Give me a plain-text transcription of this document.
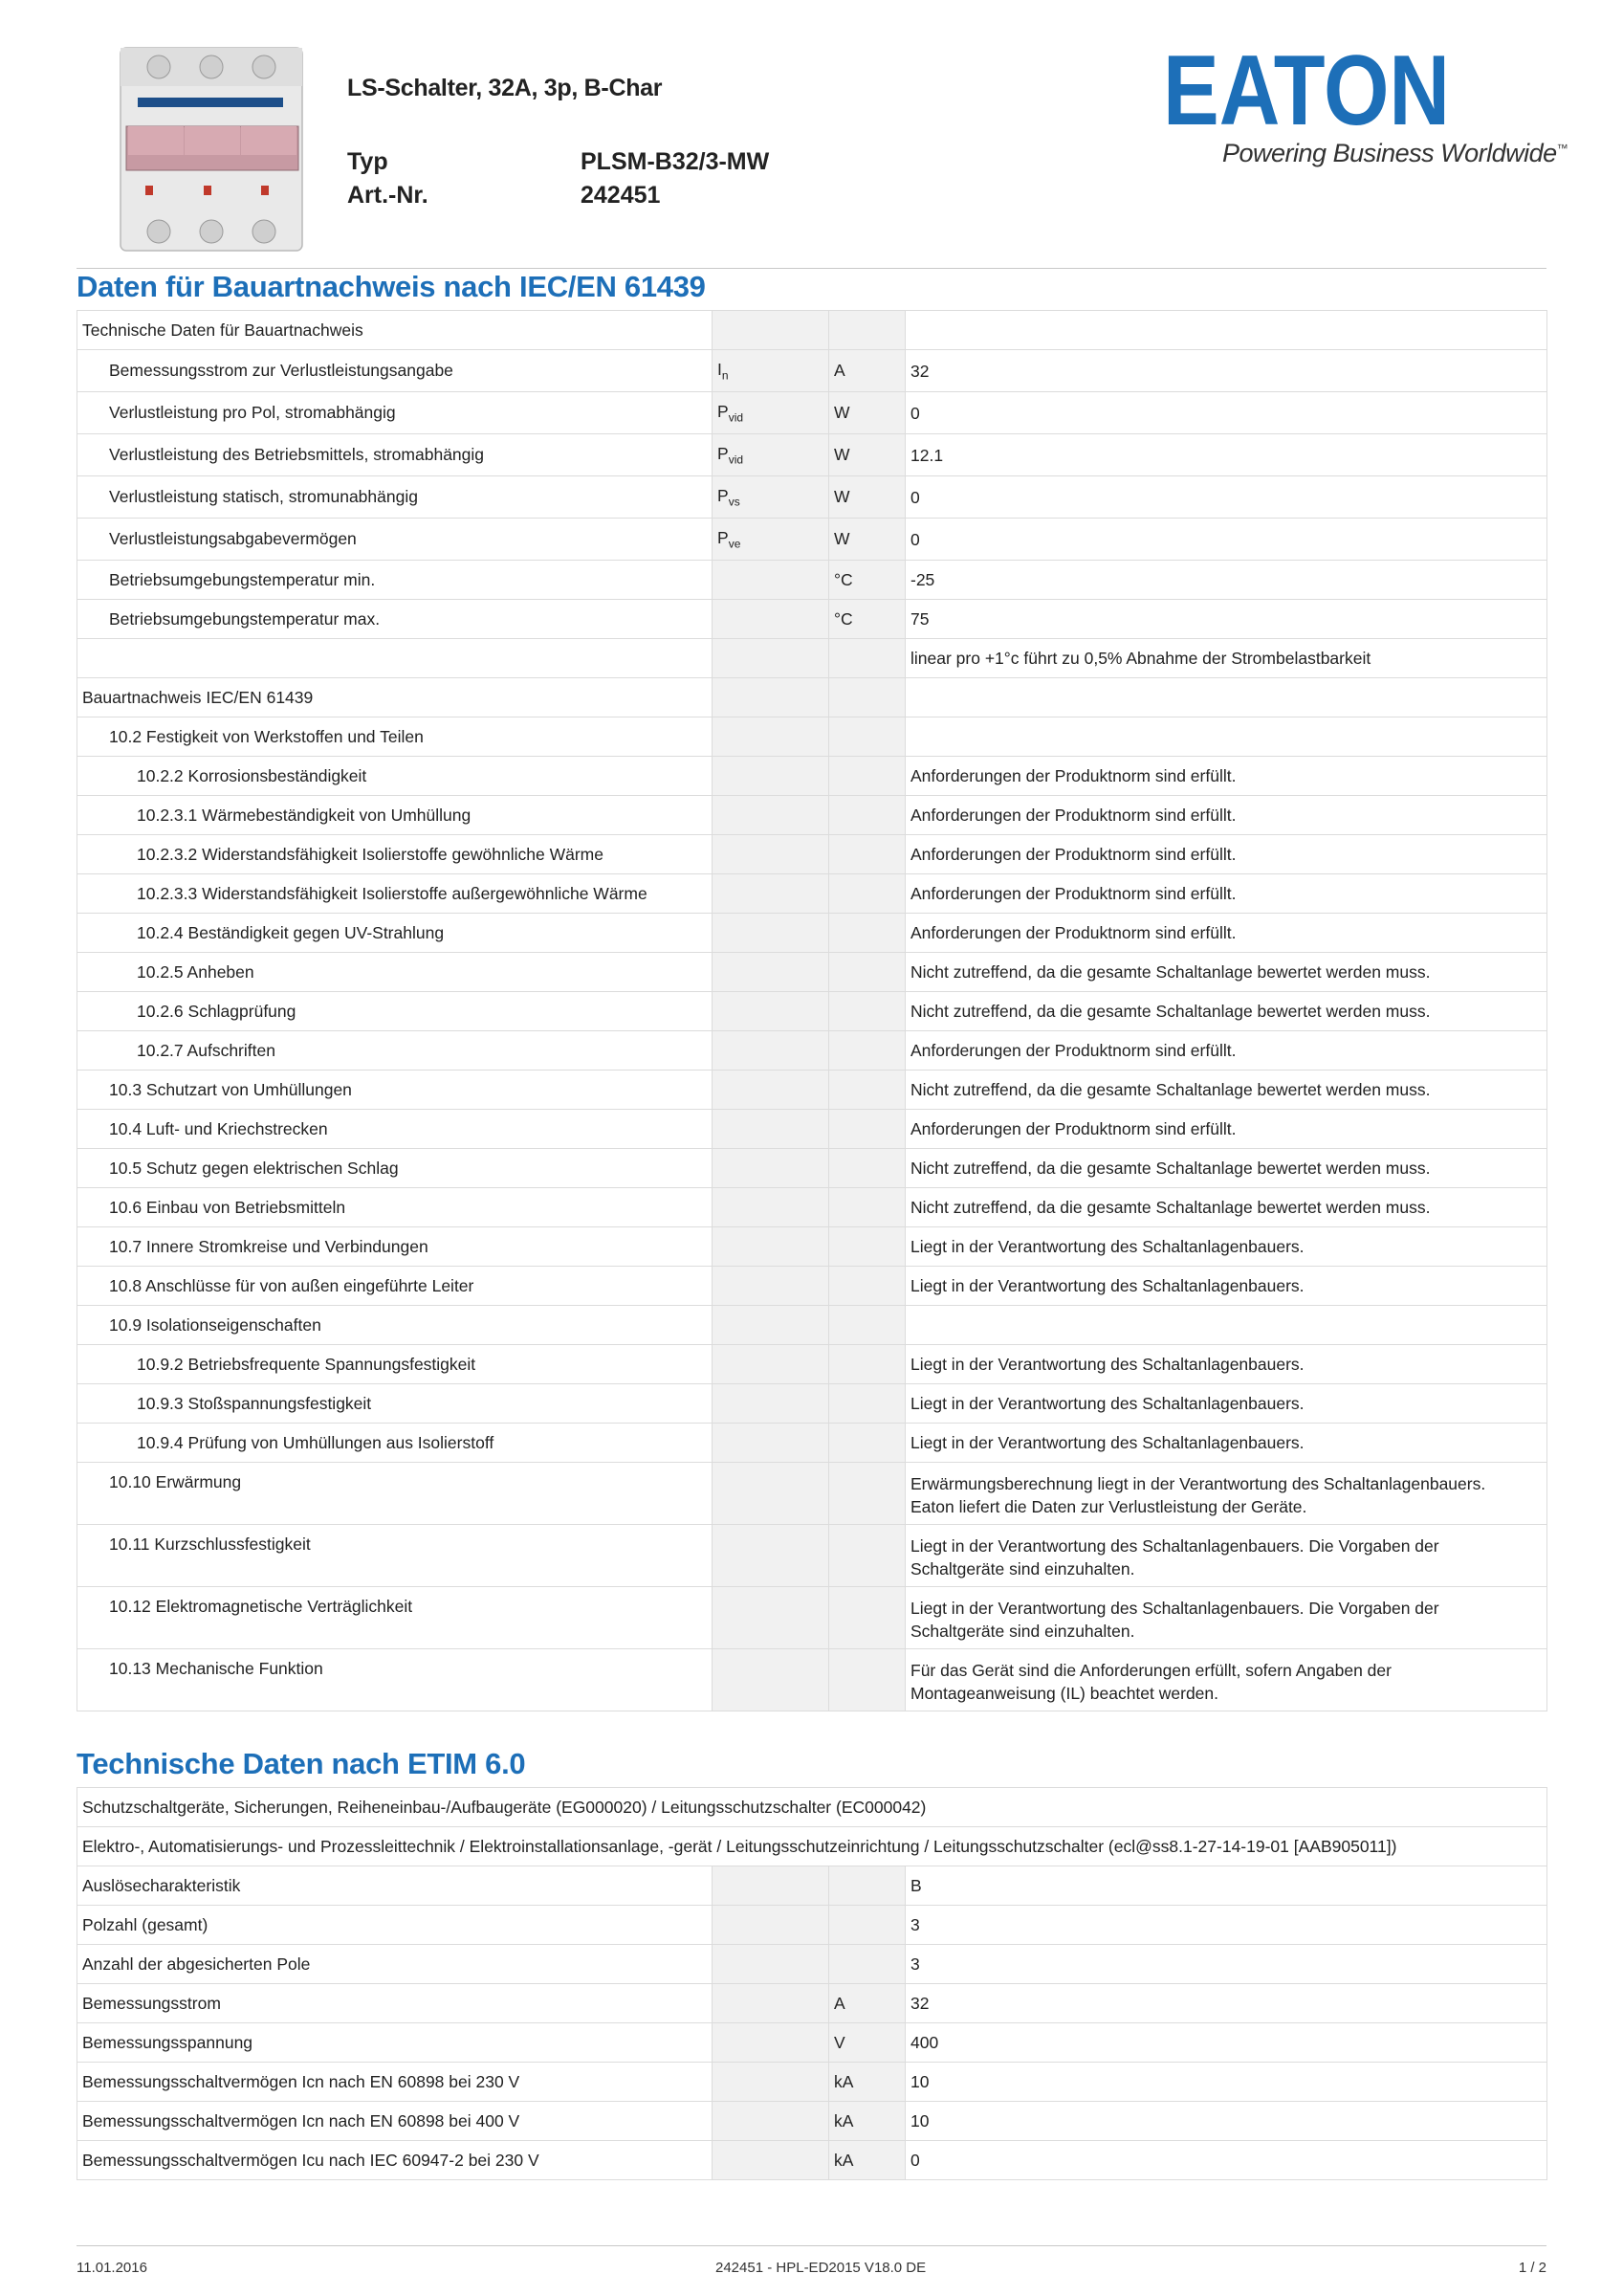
LS-Schalter, 32A, 3p, B-Char
Typ	PLSM-B32/3-MW
Art.-Nr.	242451
EATON
Powering Business Worldwide™
Daten für Bauartnachweis nach IEC/EN 61439
Technische Daten für Bauartnachweis			
Bemessungsstrom zur Verlustleistungsangabe	$I_n$	A	32
Verlustleistung pro Pol, stromabhängig	$P_{vid}$	W	0
Verlustleistung des Betriebsmittels, stromabhängig	$P_{vid}$	W	12.1
Verlustleistung statisch, stromunabhängig	$P_{vs}$	W	0
Verlustleistungsabgabevermögen	$P_{ve}$	W	0
Betriebsumgebungstemperatur min.		°C	-25
Betriebsumgebungstemperatur max.		°C	75
			linear pro +1°c führt zu 0,5% Abnahme der Strombelastbarkeit
Bauartnachweis IEC/EN 61439			
10.2 Festigkeit von Werkstoffen und Teilen			
10.2.2 Korrosionsbeständigkeit			Anforderungen der Produktnorm sind erfüllt.
10.2.3.1 Wärmebeständigkeit von Umhüllung			Anforderungen der Produktnorm sind erfüllt.
10.2.3.2 Widerstandsfähigkeit Isolierstoffe gewöhnliche Wärme			Anforderungen der Produktnorm sind erfüllt.
10.2.3.3 Widerstandsfähigkeit Isolierstoffe außergewöhnliche Wärme			Anforderungen der Produktnorm sind erfüllt.
10.2.4 Beständigkeit gegen UV-Strahlung			Anforderungen der Produktnorm sind erfüllt.
10.2.5 Anheben			Nicht zutreffend, da die gesamte Schaltanlage bewertet werden muss.
10.2.6 Schlagprüfung			Nicht zutreffend, da die gesamte Schaltanlage bewertet werden muss.
10.2.7 Aufschriften			Anforderungen der Produktnorm sind erfüllt.
10.3 Schutzart von Umhüllungen			Nicht zutreffend, da die gesamte Schaltanlage bewertet werden muss.
10.4 Luft- und Kriechstrecken			Anforderungen der Produktnorm sind erfüllt.
10.5 Schutz gegen elektrischen Schlag			Nicht zutreffend, da die gesamte Schaltanlage bewertet werden muss.
10.6 Einbau von Betriebsmitteln			Nicht zutreffend, da die gesamte Schaltanlage bewertet werden muss.
10.7 Innere Stromkreise und Verbindungen			Liegt in der Verantwortung des Schaltanlagenbauers.
10.8 Anschlüsse für von außen eingeführte Leiter			Liegt in der Verantwortung des Schaltanlagenbauers.
10.9 Isolationseigenschaften			
10.9.2 Betriebsfrequente Spannungsfestigkeit			Liegt in der Verantwortung des Schaltanlagenbauers.
10.9.3 Stoßspannungsfestigkeit			Liegt in der Verantwortung des Schaltanlagenbauers.
10.9.4 Prüfung von Umhüllungen aus Isolierstoff			Liegt in der Verantwortung des Schaltanlagenbauers.
10.10 Erwärmung			Erwärmungsberechnung liegt in der Verantwortung des Schaltanlagenbauers.
Eaton liefert die Daten zur Verlustleistung der Geräte.
10.11 Kurzschlussfestigkeit			Liegt in der Verantwortung des Schaltanlagenbauers. Die Vorgaben der
Schaltgeräte sind einzuhalten.
10.12 Elektromagnetische Verträglichkeit			Liegt in der Verantwortung des Schaltanlagenbauers. Die Vorgaben der
Schaltgeräte sind einzuhalten.
10.13 Mechanische Funktion			Für das Gerät sind die Anforderungen erfüllt, sofern Angaben der
Montageanweisung (IL) beachtet werden.
Technische Daten nach ETIM 6.0
Schutzschaltgeräte, Sicherungen, Reiheneinbau-/Aufbaugeräte (EG000020) / Leitungsschutzschalter (EC000042)			
Elektro-, Automatisierungs- und Prozessleittechnik / Elektroinstallationsanlage, -gerät / Leitungsschutzeinrichtung / Leitungsschutzschalter (ecl@ss8.1-27-14-19-01 [AAB905011])			
Auslösecharakteristik			B
Polzahl (gesamt)			3
Anzahl der abgesicherten Pole			3
Bemessungsstrom		A	32
Bemessungsspannung		V	400
Bemessungsschaltvermögen Icn nach EN 60898 bei 230 V		kA	10
Bemessungsschaltvermögen Icn nach EN 60898 bei 400 V		kA	10
Bemessungsschaltvermögen Icu nach IEC 60947-2 bei 230 V		kA	0
11.01.2016	242451 - HPL-ED2015 V18.0 DE	1 / 2
